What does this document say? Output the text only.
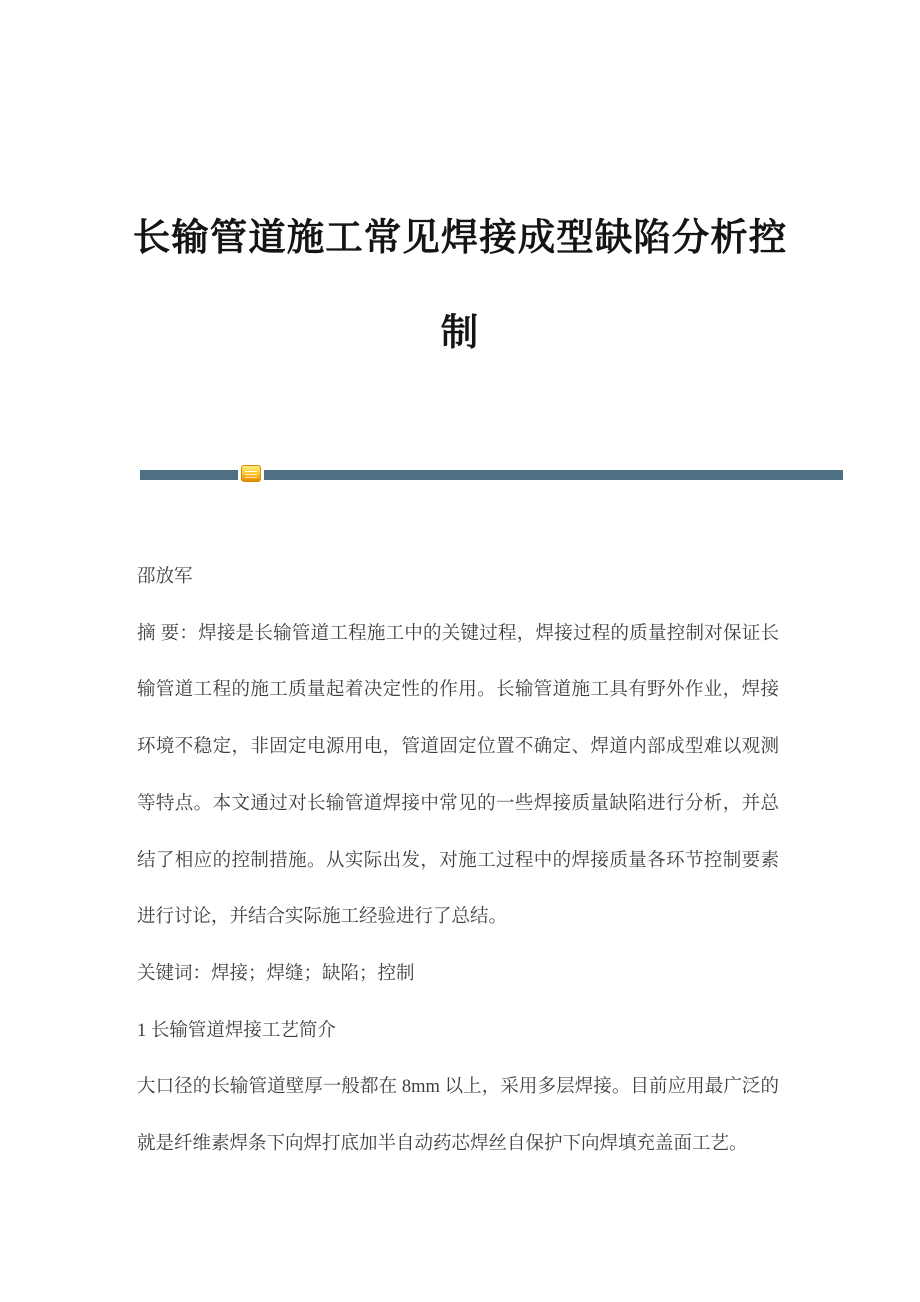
长输管道施工常见焊接成型缺陷分析控
制
邵放军
摘 要：焊接是长输管道工程施工中的关键过程，焊接过程的质量控制对保证长
输管道工程的施工质量起着决定性的作用。长输管道施工具有野外作业，焊接
环境不稳定，非固定电源用电，管道固定位置不确定、焊道内部成型难以观测
等特点。本文通过对长输管道焊接中常见的一些焊接质量缺陷进行分析，并总
结了相应的控制措施。从实际出发，对施工过程中的焊接质量各环节控制要素
进行讨论，并结合实际施工经验进行了总结。
关键词：焊接；焊缝；缺陷；控制
1 长输管道焊接工艺简介
大口径的长输管道壁厚一般都在 8mm 以上，采用多层焊接。目前应用最广泛的
就是纤维素焊条下向焊打底加半自动药芯焊丝自保护下向焊填充盖面工艺。
